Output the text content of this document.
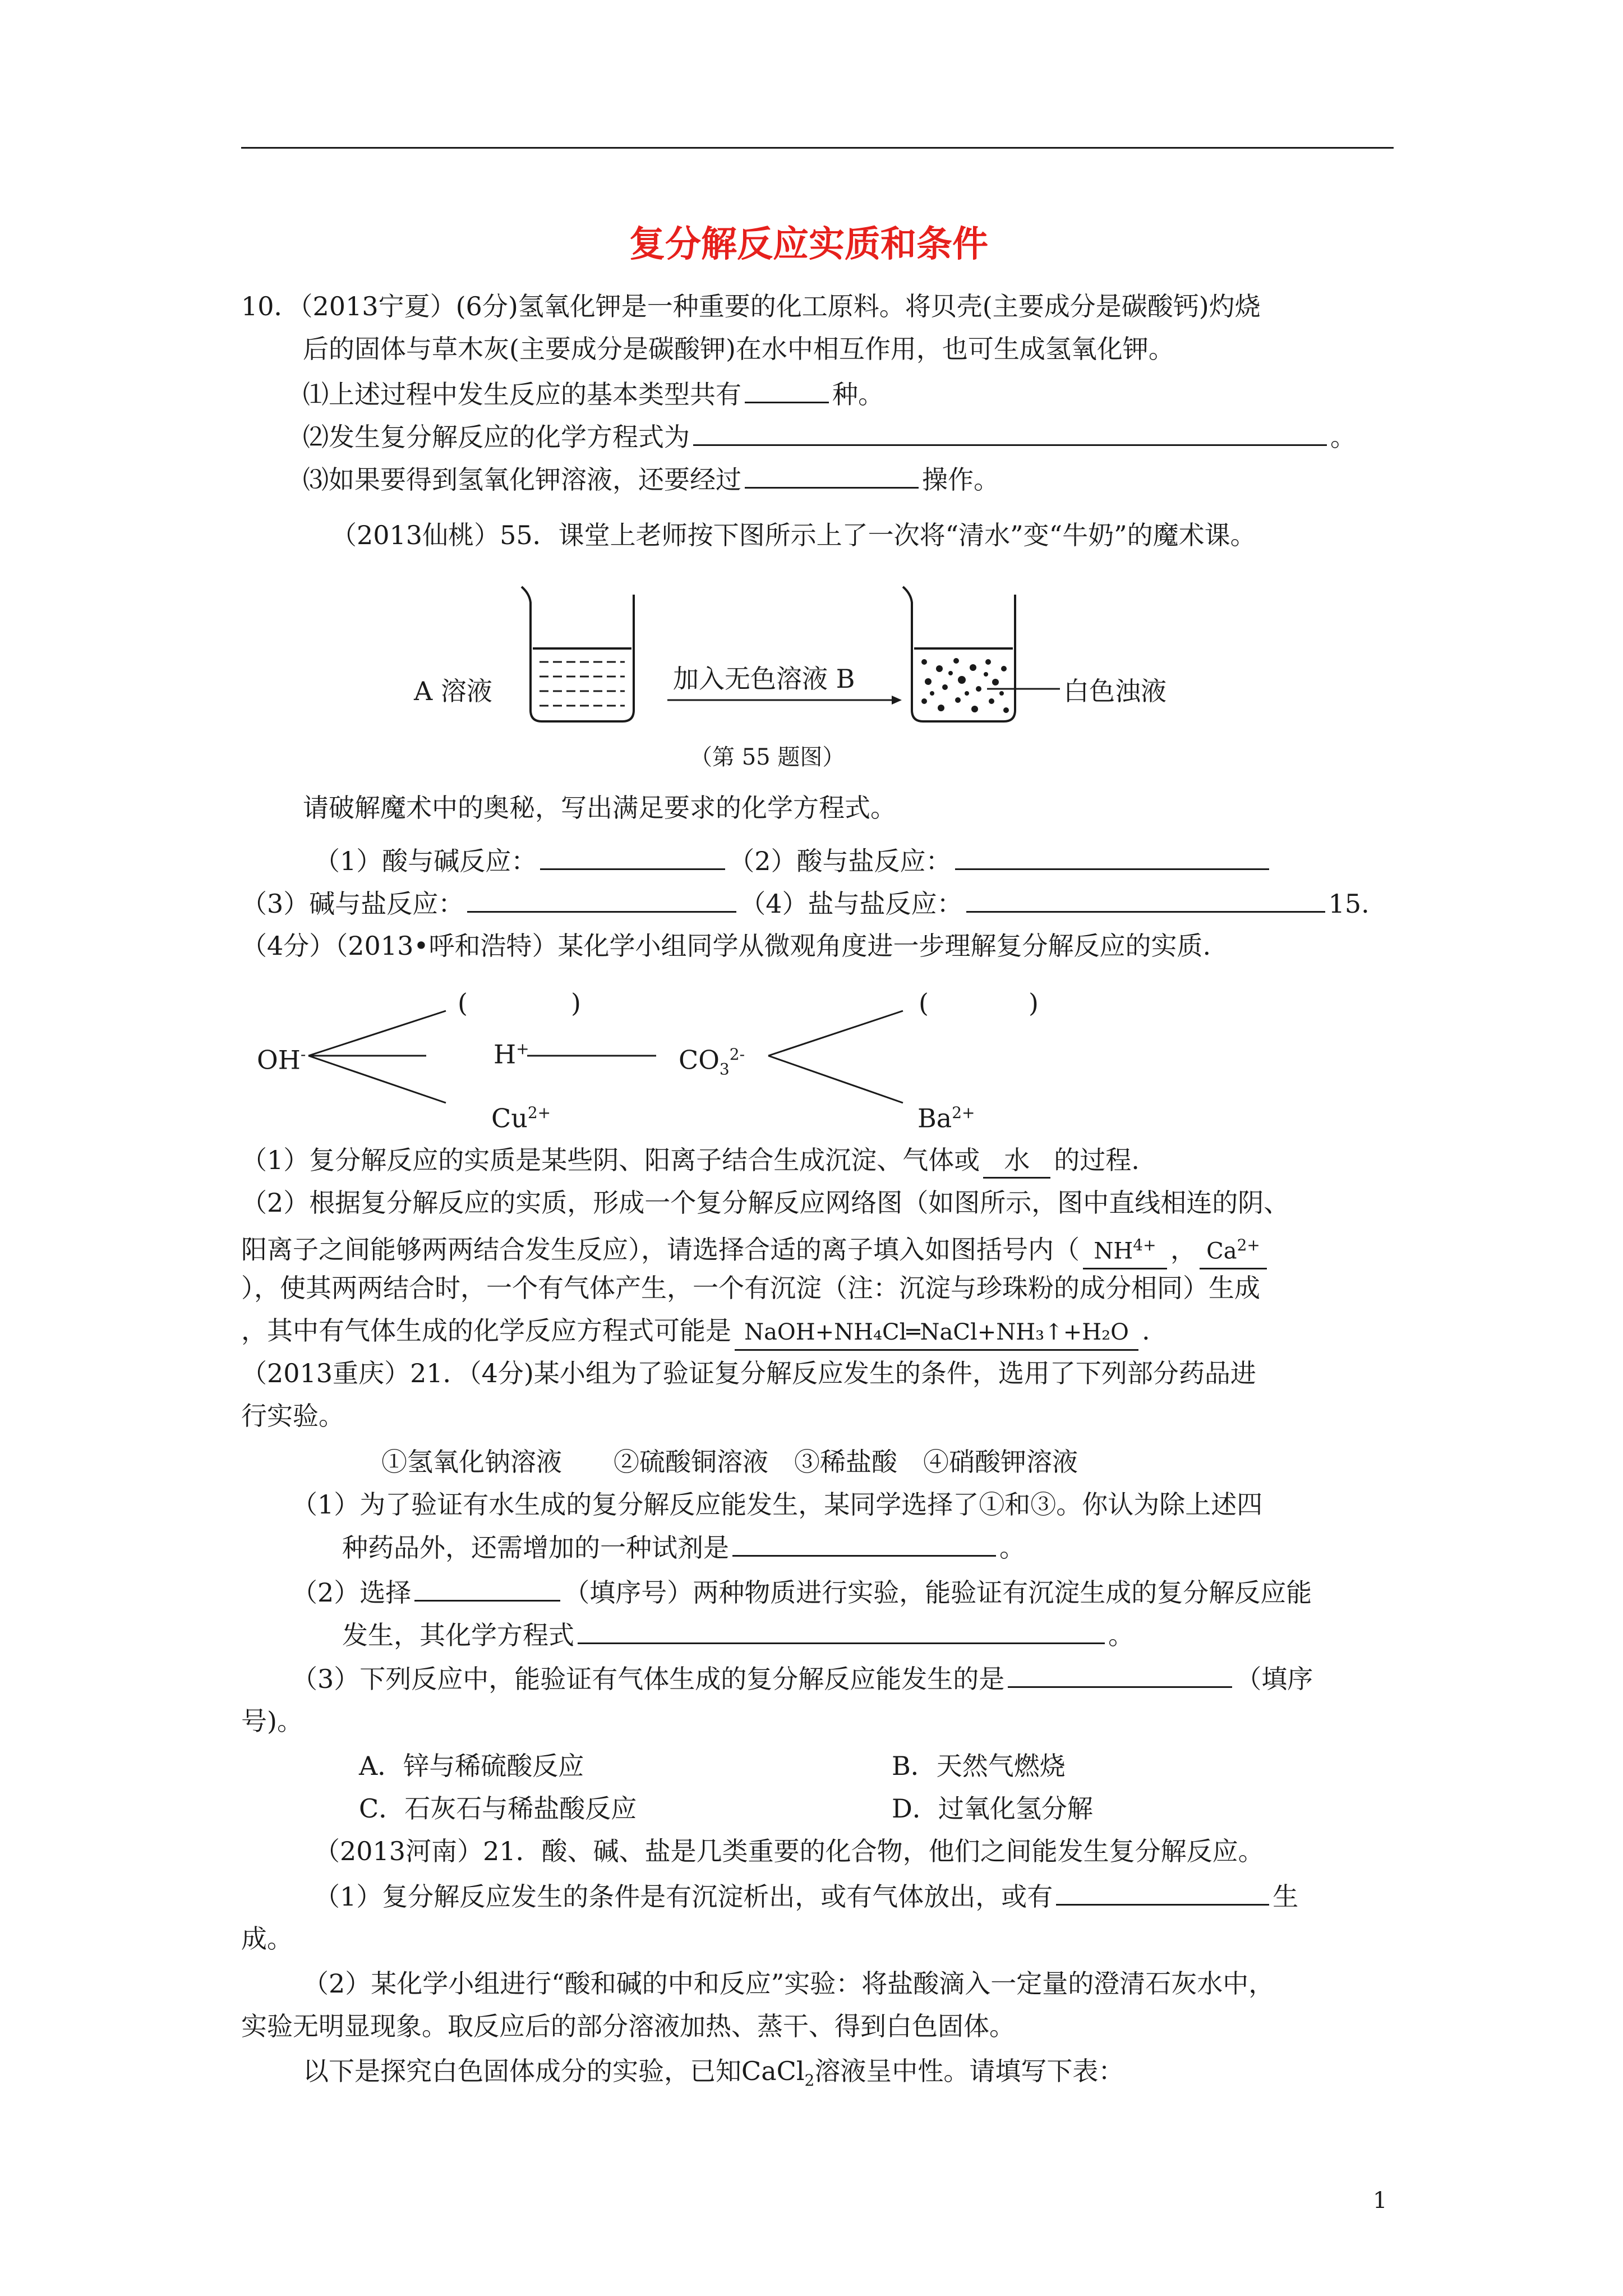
复分解反应实质和条件
10．（2013宁夏）(6分)氢氧化钾是一种重要的化工原料。将贝壳(主要成分是碳酸钙)灼烧
后的固体与草木灰(主要成分是碳酸钾)在水中相互作用，也可生成氢氧化钾。
⑴上述过程中发生反应的基本类型共有	种。
⑵发生复分解反应的化学方程式为	。
⑶如果要得到氢氧化钾溶液，还要经过	操作。
（2013仙桃）55．课堂上老师按下图所示上了一次将“清水”变“牛奶”的魔术课。
A 溶液	加入无色溶液 B	白色浊液
（第 55 题图）
请破解魔术中的奥秘，写出满足要求的化学方程式。
（1）酸与碱反应：	（2）酸与盐反应：
（3）碱与盐反应：	（4）盐与盐反应：	15.
（4分）（2013•呼和浩特）某化学小组同学从微观角度进一步理解复分解反应的实质.
OH-	H+	$CO_3^{2-}$
$Cu^{2+}$	$Ba^{2+}$
(	)	(	)
（1）复分解反应的实质是某些阴、阳离子结合生成沉淀、气体或 水 的过程.
（2）根据复分解反应的实质，形成一个复分解反应网络图（如图所示，图中直线相连的阴、
阳离子之间能够两两结合发生反应），请选择合适的离子填入如图括号内（ $NH^{4+}$ ， $Ca^{2+}$
），使其两两结合时，一个有气体产生，一个有沉淀（注：沉淀与珍珠粉的成分相同）生成
，其中有气体生成的化学反应方程式可能是 NaOH+NH₄Cl═NaCl+NH₃↑+H₂O .
（2013重庆）21．（4分)某小组为了验证复分解反应发生的条件，选用了下列部分药品进
行实验。
①氢氧化钠溶液　　②硫酸铜溶液　③稀盐酸　④硝酸钾溶液
（1）为了验证有水生成的复分解反应能发生，某同学选择了①和③。你认为除上述四
种药品外，还需增加的一种试剂是	。
（2）选择	（填序号）两种物质进行实验，能验证有沉淀生成的复分解反应能
发生，其化学方程式	。
（3）下列反应中，能验证有气体生成的复分解反应能发生的是	（填序
号)。
A．锌与稀硫酸反应	B．天然气燃烧
C．石灰石与稀盐酸反应	D．过氧化氢分解
（2013河南）21．酸、碱、盐是几类重要的化合物，他们之间能发生复分解反应。
（1）复分解反应发生的条件是有沉淀析出，或有气体放出，或有	生
成。
（2）某化学小组进行“酸和碱的中和反应”实验：将盐酸滴入一定量的澄清石灰水中，
实验无明显现象。取反应后的部分溶液加热、蒸干、得到白色固体。
以下是探究白色固体成分的实验，已知CaCl$_2$溶液呈中性。请填写下表：
1
